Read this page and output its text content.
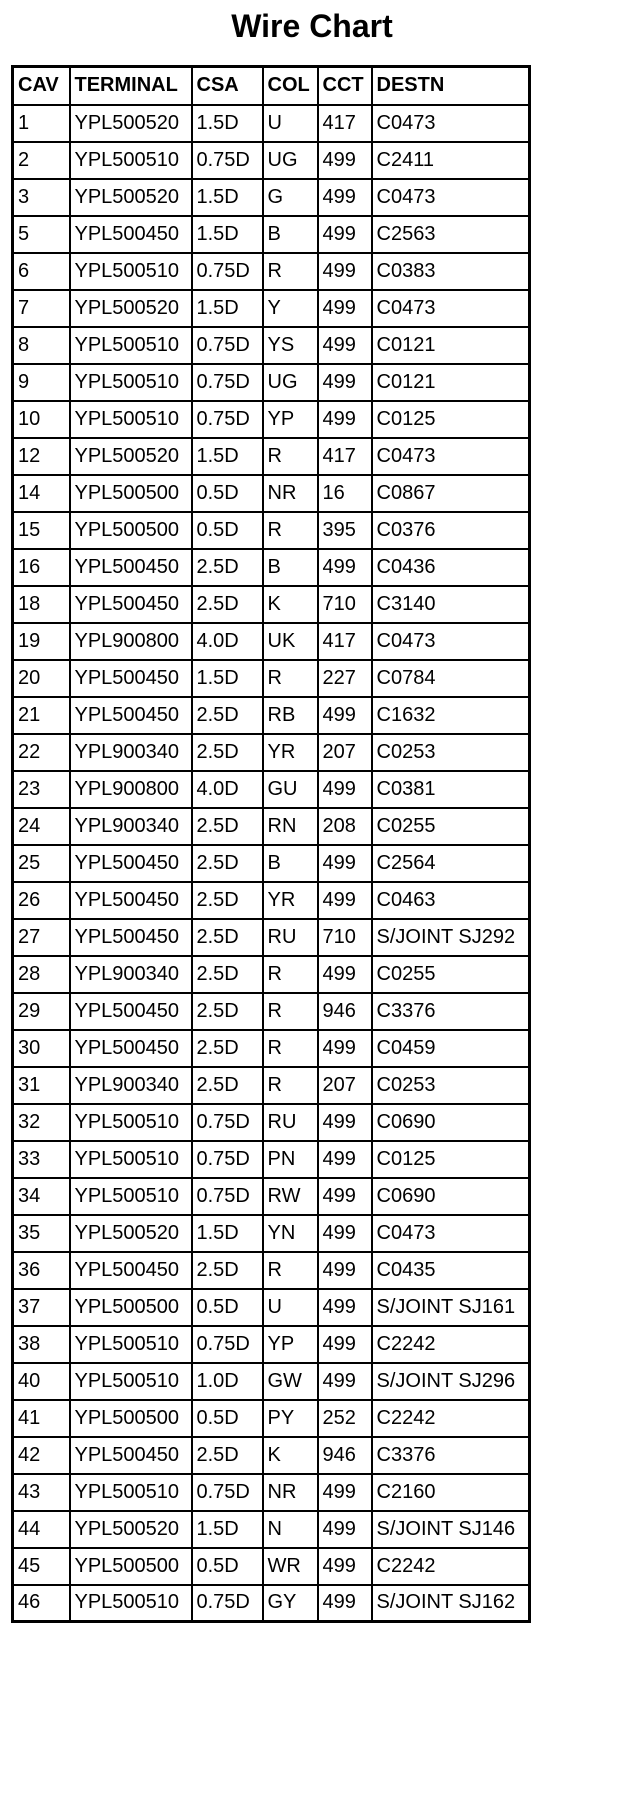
Wire Chart
CAV	TERMINAL	CSA	COL	CCT	DESTN
1	YPL500520	1.5D	U	417	C0473
2	YPL500510	0.75D	UG	499	C2411
3	YPL500520	1.5D	G	499	C0473
5	YPL500450	1.5D	B	499	C2563
6	YPL500510	0.75D	R	499	C0383
7	YPL500520	1.5D	Y	499	C0473
8	YPL500510	0.75D	YS	499	C0121
9	YPL500510	0.75D	UG	499	C0121
10	YPL500510	0.75D	YP	499	C0125
12	YPL500520	1.5D	R	417	C0473
14	YPL500500	0.5D	NR	16	C0867
15	YPL500500	0.5D	R	395	C0376
16	YPL500450	2.5D	B	499	C0436
18	YPL500450	2.5D	K	710	C3140
19	YPL900800	4.0D	UK	417	C0473
20	YPL500450	1.5D	R	227	C0784
21	YPL500450	2.5D	RB	499	C1632
22	YPL900340	2.5D	YR	207	C0253
23	YPL900800	4.0D	GU	499	C0381
24	YPL900340	2.5D	RN	208	C0255
25	YPL500450	2.5D	B	499	C2564
26	YPL500450	2.5D	YR	499	C0463
27	YPL500450	2.5D	RU	710	S/JOINT SJ292
28	YPL900340	2.5D	R	499	C0255
29	YPL500450	2.5D	R	946	C3376
30	YPL500450	2.5D	R	499	C0459
31	YPL900340	2.5D	R	207	C0253
32	YPL500510	0.75D	RU	499	C0690
33	YPL500510	0.75D	PN	499	C0125
34	YPL500510	0.75D	RW	499	C0690
35	YPL500520	1.5D	YN	499	C0473
36	YPL500450	2.5D	R	499	C0435
37	YPL500500	0.5D	U	499	S/JOINT SJ161
38	YPL500510	0.75D	YP	499	C2242
40	YPL500510	1.0D	GW	499	S/JOINT SJ296
41	YPL500500	0.5D	PY	252	C2242
42	YPL500450	2.5D	K	946	C3376
43	YPL500510	0.75D	NR	499	C2160
44	YPL500520	1.5D	N	499	S/JOINT SJ146
45	YPL500500	0.5D	WR	499	C2242
46	YPL500510	0.75D	GY	499	S/JOINT SJ162
